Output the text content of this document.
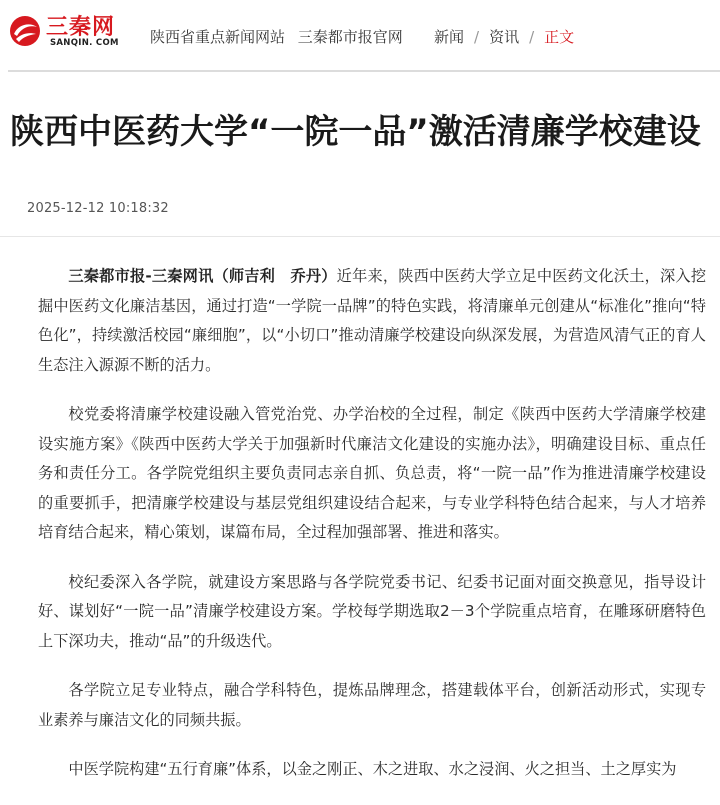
三秦网
SANQIN. COM 陕西省重点新闻网站 三秦都市报官网	新闻 / 资讯 / 正文
陕西中医药大学“一院一品”激活清廉学校建设
2025-12-12 10:18:32

三秦都市报-三秦网讯（师吉利　乔丹）近年来，陕西中医药大学立足中医药文化沃土，深入挖掘中医药文化廉洁基因，通过打造“一学院一品牌”的特色实践，将清廉单元创建从“标准化”推向“特色化”，持续激活校园“廉细胞”，以“小切口”推动清廉学校建设向纵深发展，为营造风清气正的育人生态注入源源不断的活力。

校党委将清廉学校建设融入管党治党、办学治校的全过程，制定《陕西中医药大学清廉学校建设实施方案》《陕西中医药大学关于加强新时代廉洁文化建设的实施办法》，明确建设目标、重点任务和责任分工。各学院党组织主要负责同志亲自抓、负总责，将“一院一品”作为推进清廉学校建设的重要抓手，把清廉学校建设与基层党组织建设结合起来，与专业学科特色结合起来，与人才培养培育结合起来，精心策划，谋篇布局，全过程加强部署、推进和落实。

校纪委深入各学院，就建设方案思路与各学院党委书记、纪委书记面对面交换意见，指导设计好、谋划好“一院一品”清廉学校建设方案。学校每学期选取2－3个学院重点培育，在雕琢研磨特色上下深功夫，推动“品”的升级迭代。

各学院立足专业特点，融合学科特色，提炼品牌理念，搭建载体平台，创新活动形式，实现专业素养与廉洁文化的同频共振。

中医学院构建“五行育廉”体系，以金之刚正、木之进取、水之浸润、火之担当、土之厚实为
